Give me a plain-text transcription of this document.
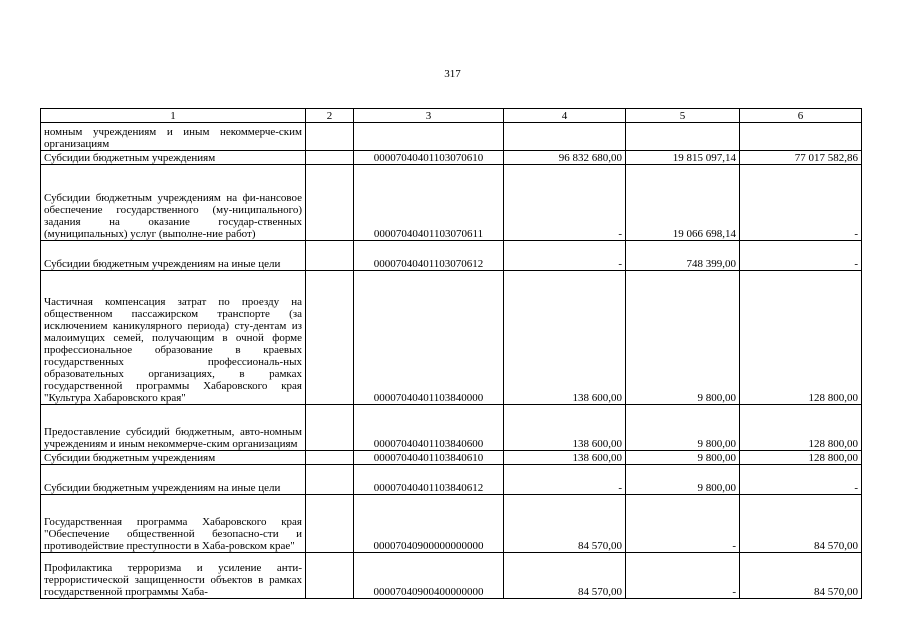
317
1	2	3	4	5	6
номным учреждениям и иным некоммерче-ским организациям					
Субсидии бюджетным учреждениям		00007040401103070610	96 832 680,00	19 815 097,14	77 017 582,86
Субсидии бюджетным учреждениям на фи-нансовое обеспечение государственного (му-ниципального) задания на оказание государ-ственных (муниципальных) услуг (выполне-ние работ)		00007040401103070611	-	19 066 698,14	-
Субсидии бюджетным учреждениям на иные цели		00007040401103070612	-	748 399,00	-
Частичная компенсация затрат по проезду на общественном пассажирском транспорте (за исключением каникулярного периода) сту-дентам из малоимущих семей, получающим в очной форме профессиональное образование в краевых государственных профессиональ-ных образовательных организациях, в рамках государственной программы Хабаровского края "Культура Хабаровского края"		00007040401103840000	138 600,00	9 800,00	128 800,00
Предоставление субсидий бюджетным, авто-номным учреждениям и иным некоммерче-ским организациям		00007040401103840600	138 600,00	9 800,00	128 800,00
Субсидии бюджетным учреждениям		00007040401103840610	138 600,00	9 800,00	128 800,00
Субсидии бюджетным учреждениям на иные цели		00007040401103840612	-	9 800,00	-
Государственная программа Хабаровского края "Обеспечение общественной безопасно-сти и противодействие преступности в Хаба-ровском крае"		00007040900000000000	84 570,00	-	84 570,00
Профилактика терроризма и усиление анти-террористической защищенности объектов в рамках государственной программы Хаба-		00007040900400000000	84 570,00	-	84 570,00
